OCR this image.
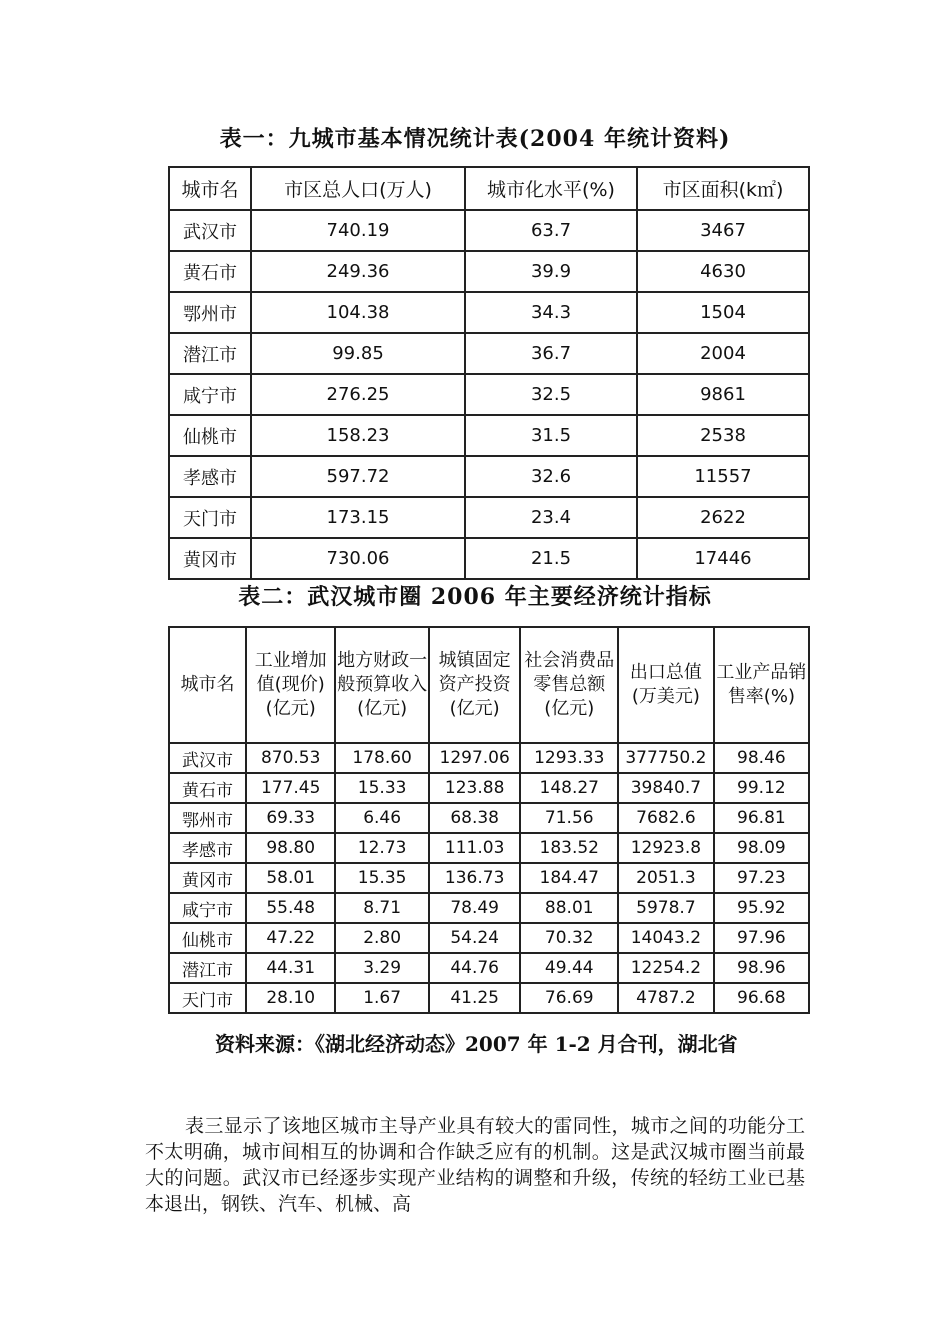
表一：九城市基本情况统计表(2004 年统计资料)
城市名	市区总人口(万人)	城市化水平(%)	市区面积(k㎡)
武汉市	740.19	63.7	3467
黄石市	249.36	39.9	4630
鄂州市	104.38	34.3	1504
潜江市	99.85	36.7	2004
咸宁市	276.25	32.5	9861
仙桃市	158.23	31.5	2538
孝感市	597.72	32.6	11557
天门市	173.15	23.4	2622
黄冈市	730.06	21.5	17446
表二：武汉城市圈 2006 年主要经济统计指标
城市名	工业增加值(现价)(亿元)	地方财政一般预算收入(亿元)	城镇固定资产投资(亿元)	社会消费品零售总额(亿元)	出口总值(万美元)	工业产品销售率(%)
武汉市	870.53	178.60	1297.06	1293.33	377750.2	98.46
黄石市	177.45	15.33	123.88	148.27	39840.7	99.12
鄂州市	69.33	6.46	68.38	71.56	7682.6	96.81
孝感市	98.80	12.73	111.03	183.52	12923.8	98.09
黄冈市	58.01	15.35	136.73	184.47	2051.3	97.23
咸宁市	55.48	8.71	78.49	88.01	5978.7	95.92
仙桃市	47.22	2.80	54.24	70.32	14043.2	97.96
潜江市	44.31	3.29	44.76	49.44	12254.2	98.96
天门市	28.10	1.67	41.25	76.69	4787.2	96.68
资料来源：《湖北经济动态》2007 年 1-2 月合刊，湖北省

表三显示了该地区城市主导产业具有较大的雷同性，城市之间的功能分工不太明确，城市间相互的协调和合作缺乏应有的机制。这是武汉城市圈当前最大的问题。武汉市已经逐步实现产业结构的调整和升级，传统的轻纺工业已基本退出，钢铁、汽车、机械、高
